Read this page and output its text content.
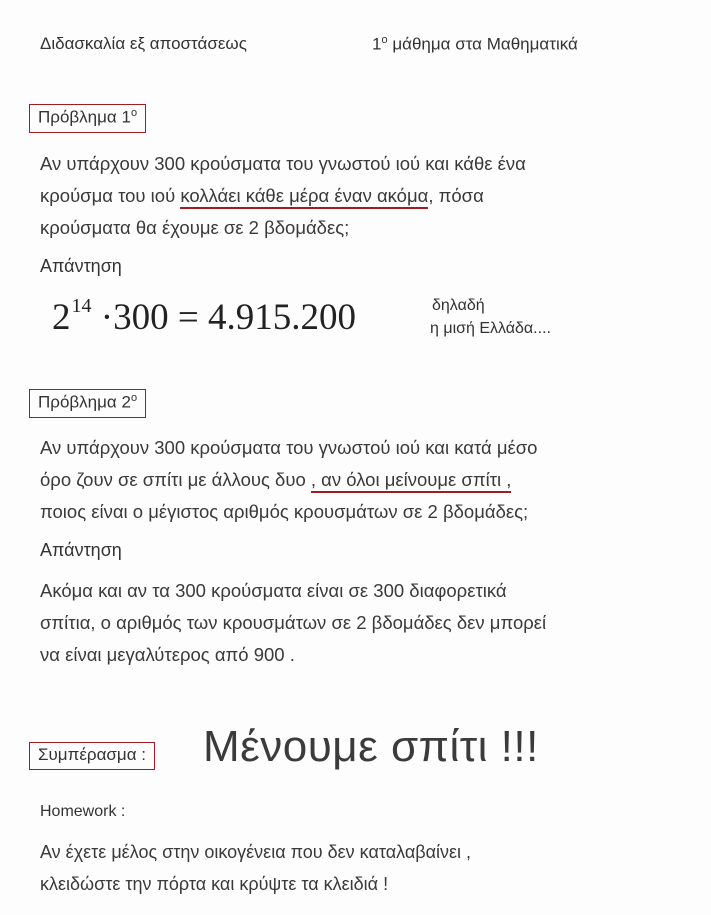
Διδασκαλία εξ αποστάσεως	$1^o$ μάθημα στα Μαθηματικά
Πρόβλημα $1^o$
Αν υπάρχουν 300 κρούσματα του γνωστού ιού και κάθε ένα
κρούσμα του ιού κολλάει κάθε μέρα έναν ακόμα, πόσα
κρούσματα θα έχουμε σε 2 βδομάδες;
Απάντηση
$2^{14} \cdot 300 = 4.915.200$	δηλαδή
η μισή Ελλάδα....
Πρόβλημα $2^o$
Αν υπάρχουν 300 κρούσματα του γνωστού ιού και κατά μέσο
όρο ζουν σε σπίτι με άλλους δυο , αν όλοι μείνουμε σπίτι ,
ποιος είναι ο μέγιστος αριθμός κρουσμάτων σε 2 βδομάδες;
Απάντηση
Ακόμα και αν τα 300 κρούσματα είναι σε 300 διαφορετικά
σπίτια, ο αριθμός των κρουσμάτων σε 2 βδομάδες δεν μπορεί
να είναι μεγαλύτερος από 900 .
Συμπέρασμα : Μένουμε σπίτι !!!
Homework :
Αν έχετε μέλος στην οικογένεια που δεν καταλαβαίνει ,
κλειδώστε την πόρτα και κρύψτε τα κλειδιά !
